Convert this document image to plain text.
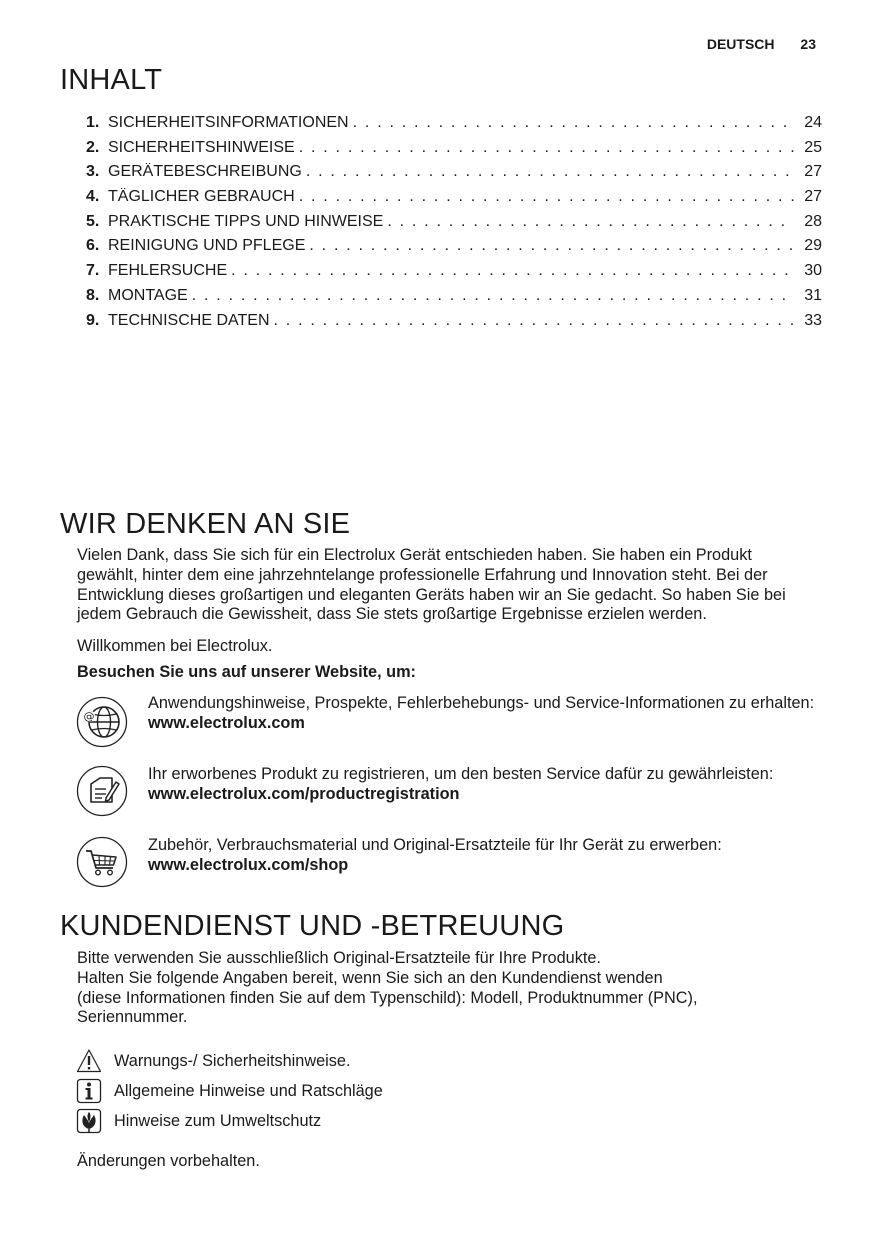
DEUTSCH 23
INHALT
1. SICHERHEITSINFORMATIONEN . . .	24
2. SICHERHEITSHINWEISE . . .	25
3. GERÄTEBESCHREIBUNG . . .	27
4. TÄGLICHER GEBRAUCH . . .	27
5. PRAKTISCHE TIPPS UND HINWEISE . . .	28
6. REINIGUNG UND PFLEGE . . .	29
7. FEHLERSUCHE . . .	30
8. MONTAGE . . .	31
9. TECHNISCHE DATEN . . .	33
WIR DENKEN AN SIE

Vielen Dank, dass Sie sich für ein Electrolux Gerät entschieden haben. Sie haben ein Produkt gewählt, hinter dem eine jahrzehntelange professionelle Erfahrung und Innovation steht. Bei der Entwicklung dieses großartigen und eleganten Geräts haben wir an Sie gedacht. So haben Sie bei jedem Gebrauch die Gewissheit, dass Sie stets großartige Ergebnisse erzielen werden.

Willkommen bei Electrolux.

Besuchen Sie uns auf unserer Website, um:

@
Anwendungshinweise, Prospekte, Fehlerbehebungs- und Service-Informationen zu erhalten:
www.electrolux.com
Ihr erworbenes Produkt zu registrieren, um den besten Service dafür zu gewährleisten:
www.electrolux.com/productregistration
Zubehör, Verbrauchsmaterial und Original-Ersatzteile für Ihr Gerät zu erwerben:
www.electrolux.com/shop
KUNDENDIENST UND -BETREUUNG

Bitte verwenden Sie ausschließlich Original-Ersatzteile für Ihre Produkte.
Halten Sie folgende Angaben bereit, wenn Sie sich an den Kundendienst wenden
(diese Informationen finden Sie auf dem Typenschild): Modell, Produktnummer (PNC),
Seriennummer.

Warnungs-/ Sicherheitshinweise.
Allgemeine Hinweise und Ratschläge
Hinweise zum Umweltschutz

Änderungen vorbehalten.
